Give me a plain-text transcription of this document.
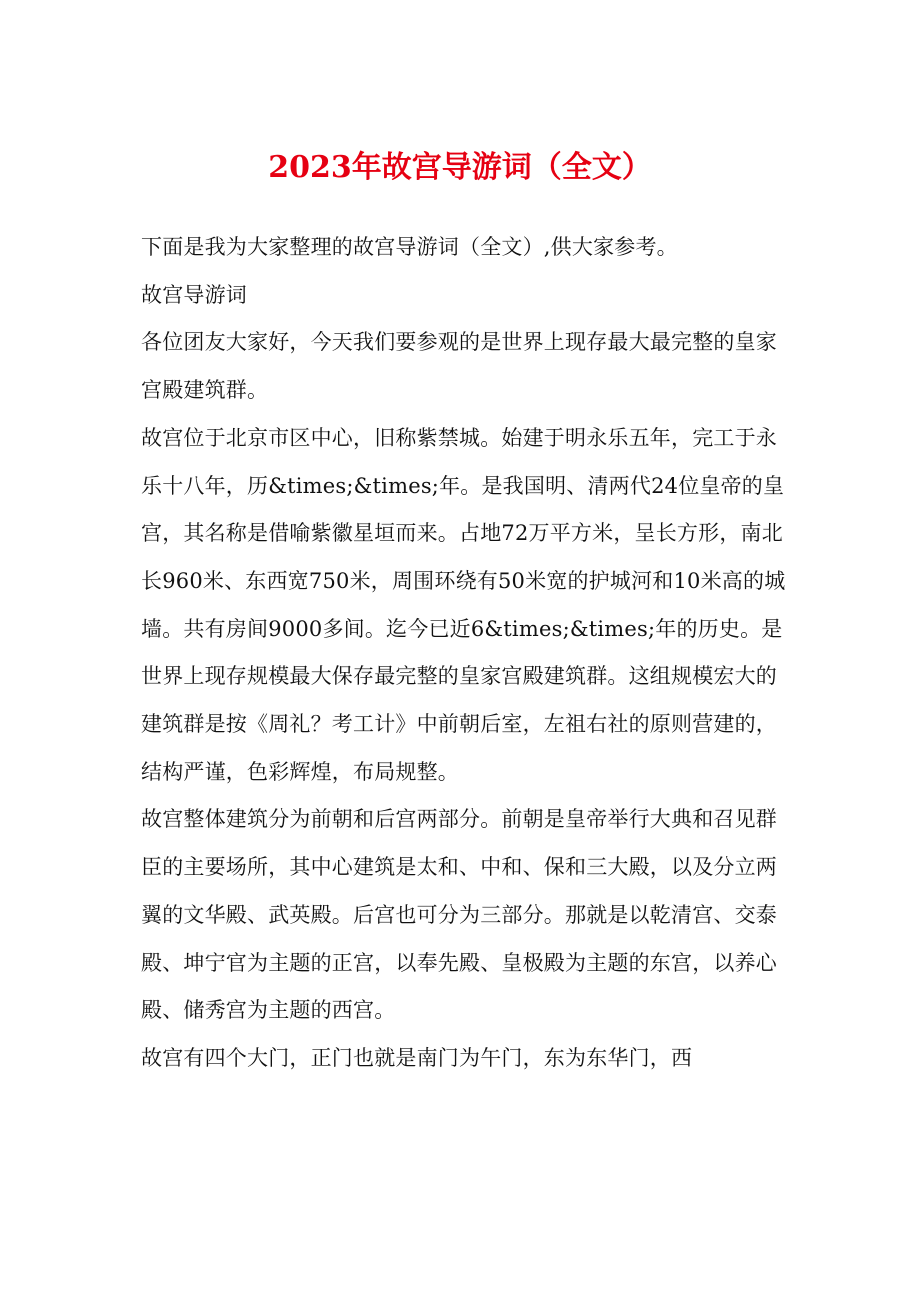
2023年故宫导游词（全文）

下面是我为大家整理的故宫导游词（全文）,供大家参考。

故宫导游词

各位团友大家好，今天我们要参观的是世界上现存最大最完整的皇家宫殿建筑群。

故宫位于北京市区中心，旧称紫禁城。始建于明永乐五年，完工于永乐十八年，历&times;&times;年。是我国明、清两代24位皇帝的皇宫，其名称是借喻紫徽星垣而来。占地72万平方米，呈长方形，南北长960米、东西宽750米，周围环绕有50米宽的护城河和10米高的城墙。共有房间9000多间。迄今已近6&times;&times;年的历史。是世界上现存规模最大保存最完整的皇家宫殿建筑群。这组规模宏大的建筑群是按《周礼？考工计》中前朝后室，左祖右社的原则营建的，结构严谨，色彩辉煌，布局规整。

故宫整体建筑分为前朝和后宫两部分。前朝是皇帝举行大典和召见群臣的主要场所，其中心建筑是太和、中和、保和三大殿，以及分立两翼的文华殿、武英殿。后宫也可分为三部分。那就是以乾清宫、交泰殿、坤宁官为主题的正宫，以奉先殿、皇极殿为主题的东宫，以养心殿、储秀宫为主题的西宫。

故宫有四个大门，正门也就是南门为午门，东为东华门，西
